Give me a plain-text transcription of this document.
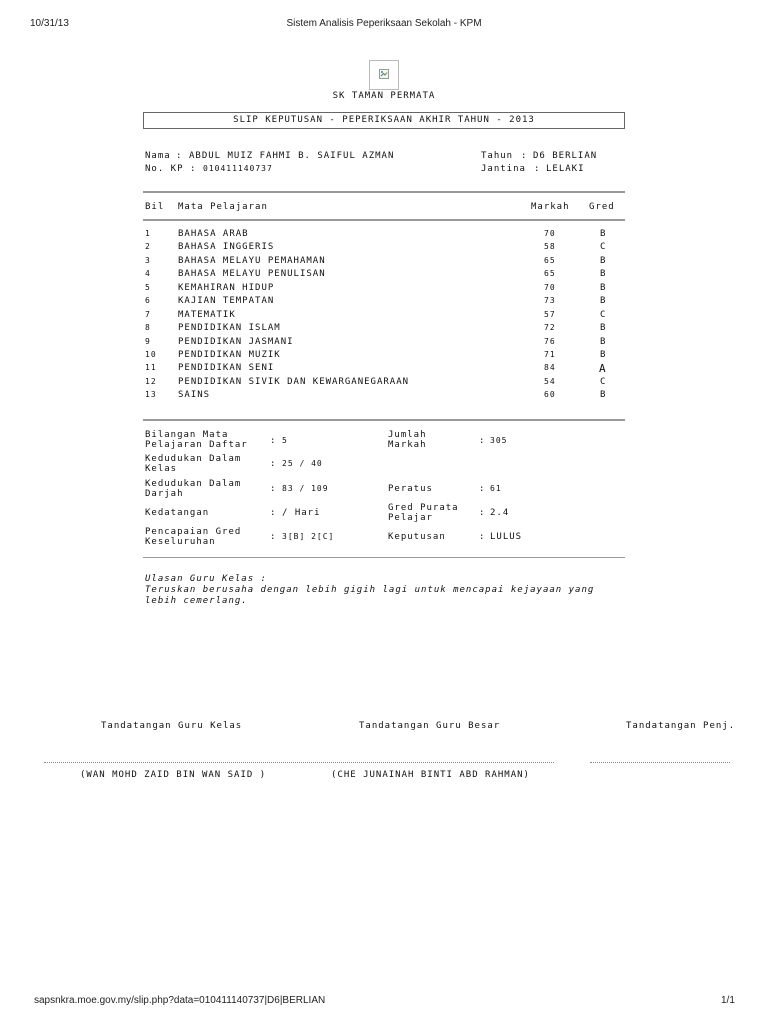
10/31/13	Sistem Analisis Peperiksaan Sekolah - KPM
SK TAMAN PERMATA
SLIP KEPUTUSAN - PEPERIKSAAN AKHIR TAHUN - 2013
Nama : ABDUL MUIZ FAHMI B. SAIFUL AZMAN
No. KP : 010411140737
Tahun : D6 BERLIAN
Jantina : LELAKI
Bil Mata Pelajaran	Markah Gred
1	BAHASA ARAB	70	B
2	BAHASA INGGERIS	58	C
3	BAHASA MELAYU PEMAHAMAN	65	B
4	BAHASA MELAYU PENULISAN	65	B
5	KEMAHIRAN HIDUP	70	B
6	KAJIAN TEMPATAN	73	B
7	MATEMATIK	57	C
8	PENDIDIKAN ISLAM	72	B
9	PENDIDIKAN JASMANI	76	B
10 PENDIDIKAN MUZIK	71	B
11 PENDIDIKAN SENI	84	A
12 PENDIDIKAN SIVIK DAN KEWARGANEGARAAN	54	C
13 SAINS	60	B
Bilangan Mata
Pelajaran Daftar : 5
Jumlah
Markah	: 305
Kedudukan Dalam
Kelas	: 25 / 40
Kedudukan Dalam
Darjah	: 83 / 109	Peratus	: 61
Kedatangan	: / Hari	Gred Purata
Pelajar	: 2.4
Pencapaian Gred
Keseluruhan	: 3[B] 2[C]	Keputusan	: LULUS
Ulasan Guru Kelas :
Teruskan berusaha dengan lebih gigih lagi untuk mencapai kejayaan yang
lebih cemerlang.
Tandatangan Guru Kelas	Tandatangan Guru Besar	Tandatangan Penj.
(WAN MOHD ZAID BIN WAN SAID )	(CHE JUNAINAH BINTI ABD RAHMAN)
sapsnkra.moe.gov.my/slip.php?data=010411140737|D6|BERLIAN	1/1
